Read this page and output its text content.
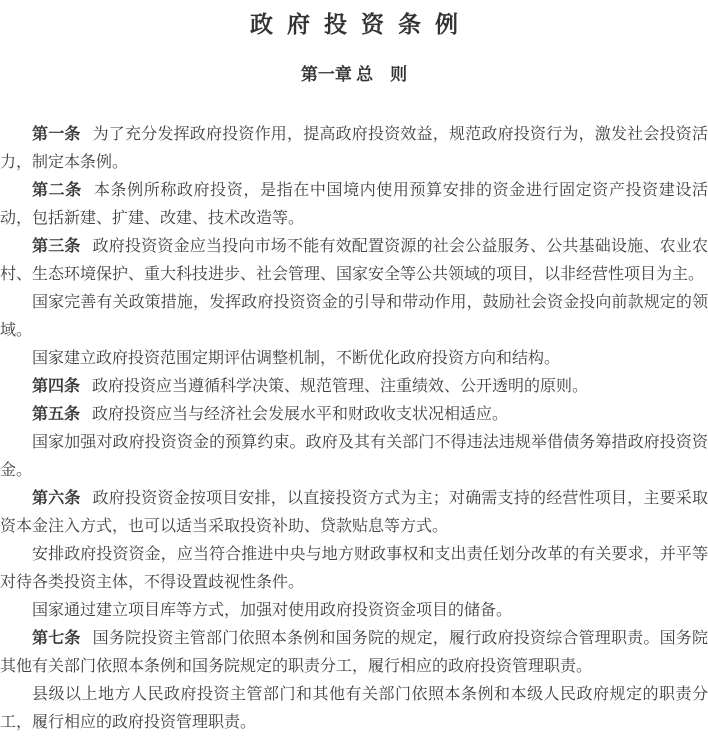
政府投资条例
第一章 总　则

第一条 为了充分发挥政府投资作用，提高政府投资效益，规范政府投资行为，激发社会投资活力，制定本条例。

第二条 本条例所称政府投资，是指在中国境内使用预算安排的资金进行固定资产投资建设活动，包括新建、扩建、改建、技术改造等。

第三条 政府投资资金应当投向市场不能有效配置资源的社会公益服务、公共基础设施、农业农村、生态环境保护、重大科技进步、社会管理、国家安全等公共领域的项目，以非经营性项目为主。

国家完善有关政策措施，发挥政府投资资金的引导和带动作用，鼓励社会资金投向前款规定的领域。

国家建立政府投资范围定期评估调整机制，不断优化政府投资方向和结构。

第四条 政府投资应当遵循科学决策、规范管理、注重绩效、公开透明的原则。

第五条 政府投资应当与经济社会发展水平和财政收支状况相适应。

国家加强对政府投资资金的预算约束。政府及其有关部门不得违法违规举借债务筹措政府投资资金。

第六条 政府投资资金按项目安排，以直接投资方式为主；对确需支持的经营性项目，主要采取资本金注入方式，也可以适当采取投资补助、贷款贴息等方式。

安排政府投资资金，应当符合推进中央与地方财政事权和支出责任划分改革的有关要求，并平等对待各类投资主体，不得设置歧视性条件。

国家通过建立项目库等方式，加强对使用政府投资资金项目的储备。

第七条 国务院投资主管部门依照本条例和国务院的规定，履行政府投资综合管理职责。国务院其他有关部门依照本条例和国务院规定的职责分工，履行相应的政府投资管理职责。

县级以上地方人民政府投资主管部门和其他有关部门依照本条例和本级人民政府规定的职责分工，履行相应的政府投资管理职责。
